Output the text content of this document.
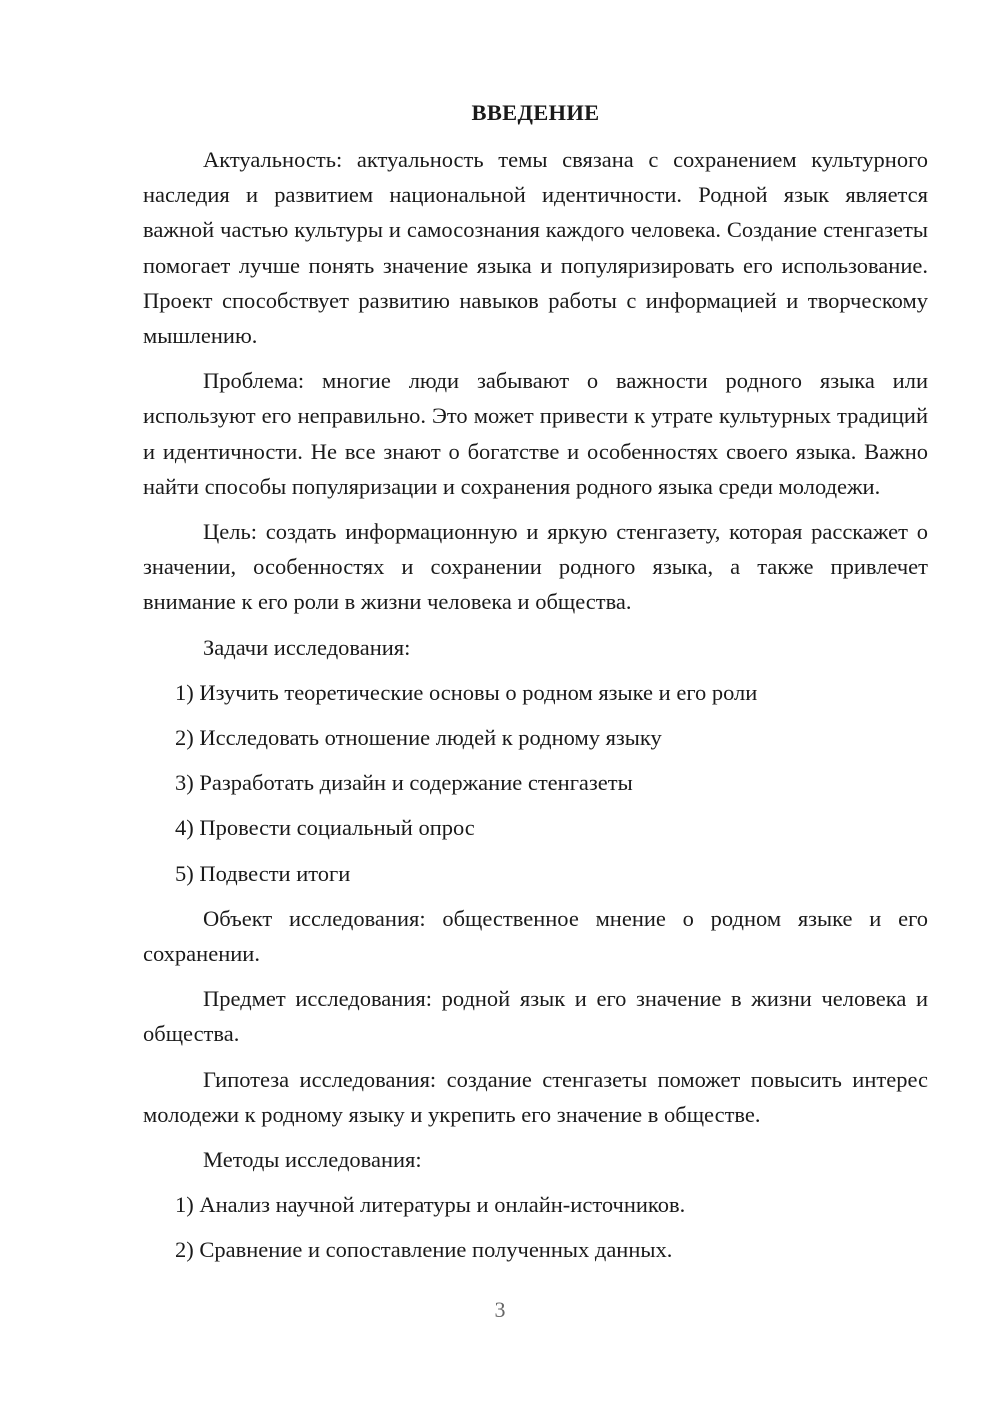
ВВЕДЕНИЕ

Актуальность: актуальность темы связана с сохранением культурного наследия и развитием национальной идентичности. Родной язык является важной частью культуры и самосознания каждого человека. Создание стенгазеты помогает лучше понять значение языка и популяризировать его использование. Проект способствует развитию навыков работы с информацией и творческому мышлению.

Проблема: многие люди забывают о важности родного языка или используют его неправильно. Это может привести к утрате культурных традиций и идентичности. Не все знают о богатстве и особенностях своего языка. Важно найти способы популяризации и сохранения родного языка среди молодежи.

Цель: создать информационную и яркую стенгазету, которая расскажет о значении, особенностях и сохранении родного языка, а также привлечет внимание к его роли в жизни человека и общества.

Задачи исследования:

1) Изучить теоретические основы о родном языке и его роли

2) Исследовать отношение людей к родному языку

3) Разработать дизайн и содержание стенгазеты

4) Провести социальный опрос

5) Подвести итоги

Объект исследования: общественное мнение о родном языке и его сохранении.

Предмет исследования: родной язык и его значение в жизни человека и общества.

Гипотеза исследования: создание стенгазеты поможет повысить интерес молодежи к родному языку и укрепить его значение в обществе.

Методы исследования:

1) Анализ научной литературы и онлайн-источников.

2) Сравнение и сопоставление полученных данных.

3
